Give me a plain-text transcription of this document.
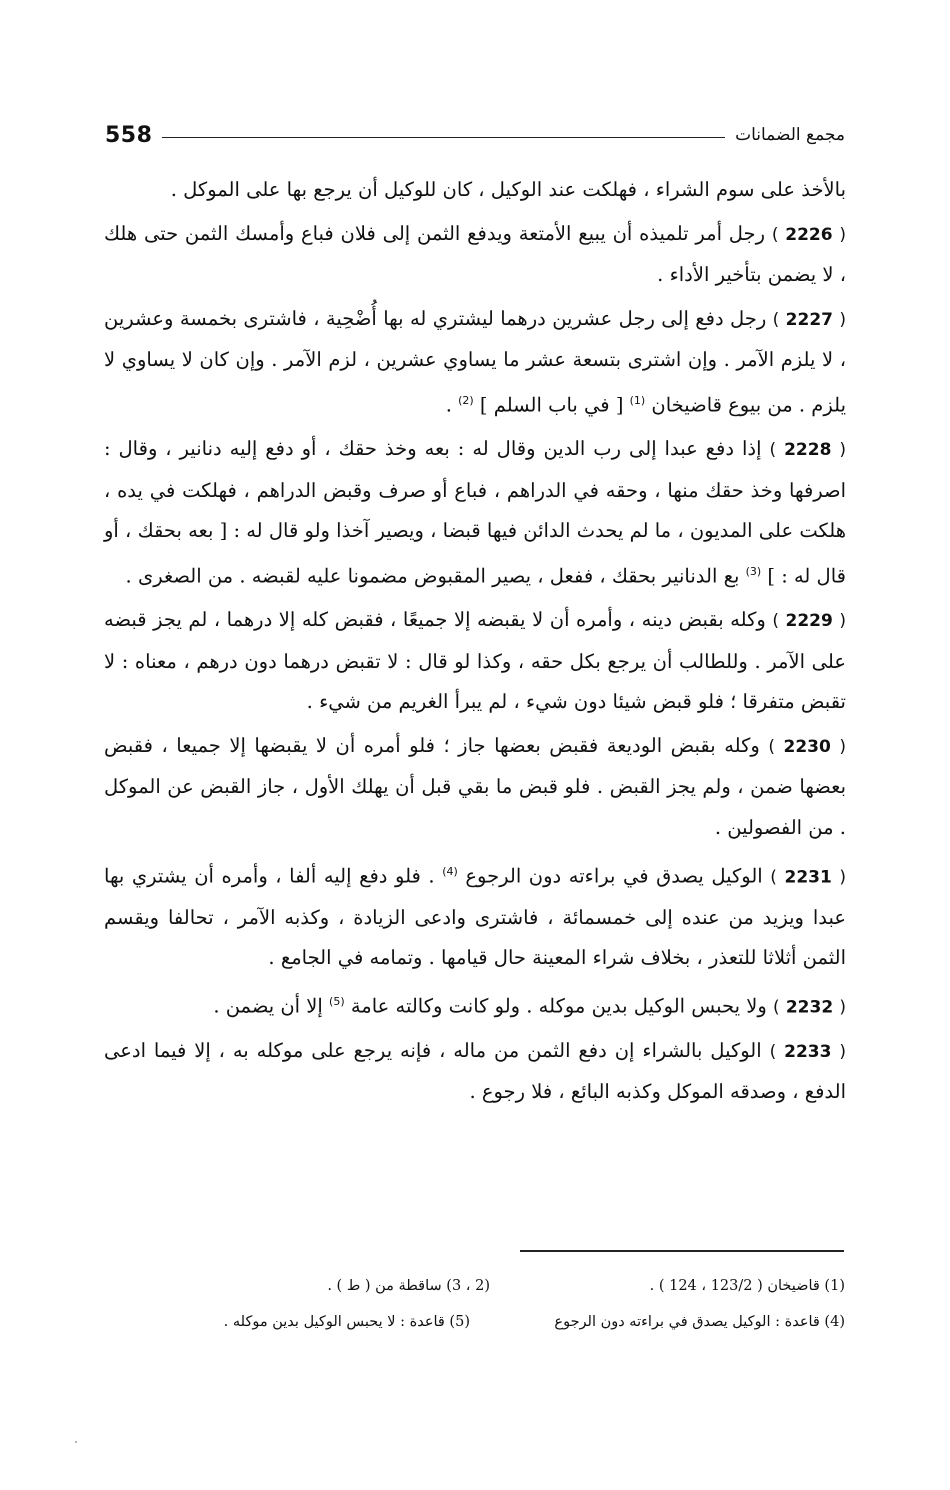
558	مجمع الضمانات

بالأخذ على سوم الشراء ، فهلكت عند الوكيل ، كان للوكيل أن يرجع بها على الموكل .

( 2226 ) رجل أمر تلميذه أن يبيع الأمتعة ويدفع الثمن إلى فلان فباع وأمسك الثمن حتى هلك ، لا يضمن بتأخير الأداء .

( 2227 ) رجل دفع إلى رجل عشرين درهما ليشتري له بها أُضْحِية ، فاشترى بخمسة وعشرين ، لا يلزم الآمر . وإن اشترى بتسعة عشر ما يساوي عشرين ، لزم الآمر . وإن كان لا يساوي لا يلزم . من بيوع قاضيخان $^{(1)}$ [ في باب السلم ] $^{(2)}$ .

( 2228 ) إذا دفع عبدا إلى رب الدين وقال له : بعه وخذ حقك ، أو دفع إليه دنانير ، وقال : اصرفها وخذ حقك منها ، وحقه في الدراهم ، فباع أو صرف وقبض الدراهم ، فهلكت في يده ، هلكت على المديون ، ما لم يحدث الدائن فيها قبضا ، ويصير آخذا ولو قال له : [ بعه بحقك ، أو قال له : ] $^{(3)}$ بع الدنانير بحقك ، ففعل ، يصير المقبوض مضمونا عليه لقبضه . من الصغرى .

( 2229 ) وكله بقبض دينه ، وأمره أن لا يقبضه إلا جميعًا ، فقبض كله إلا درهما ، لم يجز قبضه على الآمر . وللطالب أن يرجع بكل حقه ، وكذا لو قال : لا تقبض درهما دون درهم ، معناه : لا تقبض متفرقا ؛ فلو قبض شيئا دون شيء ، لم يبرأ الغريم من شيء .

( 2230 ) وكله بقبض الوديعة فقبض بعضها جاز ؛ فلو أمره أن لا يقبضها إلا جميعا ، فقبض بعضها ضمن ، ولم يجز القبض . فلو قبض ما بقي قبل أن يهلك الأول ، جاز القبض عن الموكل . من الفصولين .

( 2231 ) الوكيل يصدق في براءته دون الرجوع $^{(4)}$ . فلو دفع إليه ألفا ، وأمره أن يشتري بها عبدا ويزيد من عنده إلى خمسمائة ، فاشترى وادعى الزيادة ، وكذبه الآمر ، تحالفا ويقسم الثمن أثلاثا للتعذر ، بخلاف شراء المعينة حال قيامها . وتمامه في الجامع .

( 2232 ) ولا يحبس الوكيل بدين موكله . ولو كانت وكالته عامة $^{(5)}$ إلا أن يضمن .

( 2233 ) الوكيل بالشراء إن دفع الثمن من ماله ، فإنه يرجع على موكله به ، إلا فيما ادعى الدفع ، وصدقه الموكل وكذبه البائع ، فلا رجوع .

(1) قاضيخان ( 123/2 ، 124 ) .
(2 ، 3) ساقطة من ( ط ) .
(4) قاعدة : الوكيل يصدق في براءته دون الرجوع
(5) قاعدة : لا يحبس الوكيل بدين موكله .
